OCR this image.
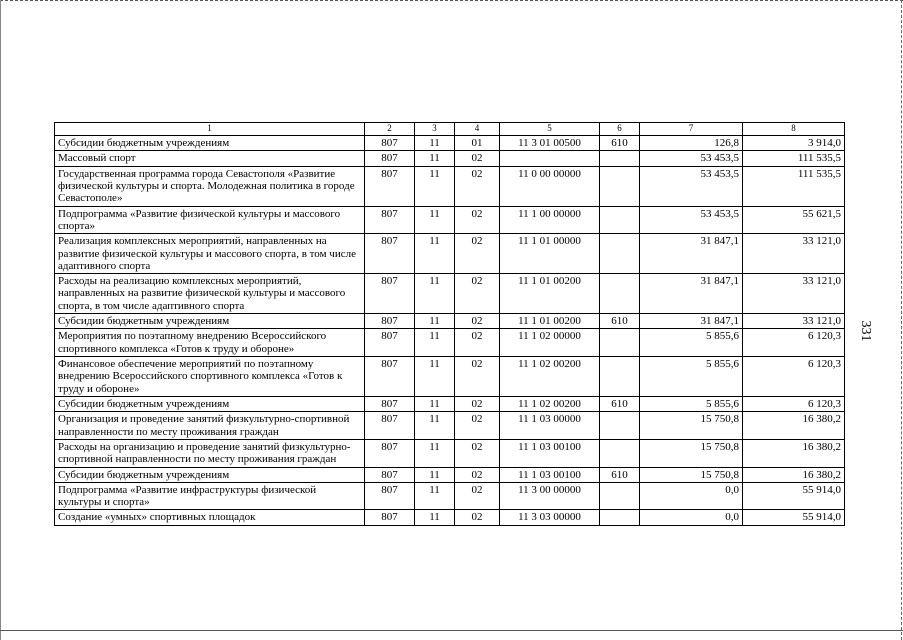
1	2	3	4	5	6	7	8
Субсидии бюджетным учреждениям	807	11	01	11 3 01 00500	610	126,8	3 914,0
Массовый спорт	807	11	02			53 453,5	111 535,5
Государственная программа города Севастополя «Развитие физической культуры и спорта. Молодежная политика в городе Севастополе»	807	11	02	11 0 00 00000		53 453,5	111 535,5
Подпрограмма «Развитие физической культуры и массового спорта»	807	11	02	11 1 00 00000		53 453,5	55 621,5
Реализация комплексных мероприятий, направленных на развитие физической культуры и массового спорта, в том числе адаптивного спорта	807	11	02	11 1 01 00000		31 847,1	33 121,0
Расходы на реализацию комплексных мероприятий, направленных на развитие физической культуры и массового спорта, в том числе адаптивного спорта	807	11	02	11 1 01 00200		31 847,1	33 121,0
Субсидии бюджетным учреждениям	807	11	02	11 1 01 00200	610	31 847,1	33 121,0
Мероприятия по поэтапному внедрению Всероссийского спортивного комплекса «Готов к труду и обороне»	807	11	02	11 1 02 00000		5 855,6	6 120,3
Финансовое обеспечение мероприятий по поэтапному внедрению Всероссийского спортивного комплекса «Готов к труду и обороне»	807	11	02	11 1 02 00200		5 855,6	6 120,3
Субсидии бюджетным учреждениям	807	11	02	11 1 02 00200	610	5 855,6	6 120,3
Организация и проведение занятий физкультурно-спортивной направленности по месту проживания граждан	807	11	02	11 1 03 00000		15 750,8	16 380,2
Расходы на организацию и проведение занятий физкультурно-спортивной направленности по месту проживания граждан	807	11	02	11 1 03 00100		15 750,8	16 380,2
Субсидии бюджетным учреждениям	807	11	02	11 1 03 00100	610	15 750,8	16 380,2
Подпрограмма «Развитие инфраструктуры физической культуры и спорта»	807	11	02	11 3 00 00000		0,0	55 914,0
Создание «умных» спортивных площадок	807	11	02	11 3 03 00000		0,0	55 914,0
331
